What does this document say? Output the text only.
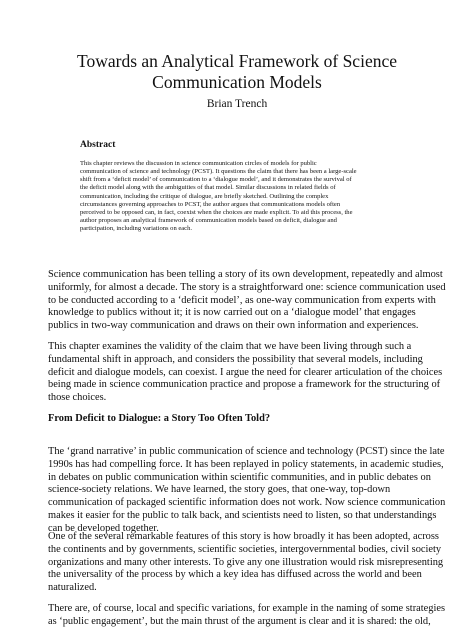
Towards an Analytical Framework of Science
Communication Models
Brian Trench
Abstract
This chapter reviews the discussion in science communication circles of models for public
communication of science and technology (PCST). It questions the claim that there has been a large-scale
shift from a ‘deficit model’ of communication to a ‘dialogue model’, and it demonstrates the survival of
the deficit model along with the ambiguities of that model. Similar discussions in related fields of
communication, including the critique of dialogue, are briefly sketched. Outlining the complex
circumstances governing approaches to PCST, the author argues that communications models often
perceived to be opposed can, in fact, coexist when the choices are made explicit. To aid this process, the
author proposes an analytical framework of communication models based on deficit, dialogue and
participation, including variations on each.
Science communication has been telling a story of its own development, repeatedly and almost
uniformly, for almost a decade. The story is a straightforward one: science communication used
to be conducted according to a ‘deficit model’, as one-way communication from experts with
knowledge to publics without it; it is now carried out on a ‘dialogue model’ that engages
publics in two-way communication and draws on their own information and experiences.
This chapter examines the validity of the claim that we have been living through such a
fundamental shift in approach, and considers the possibility that several models, including
deficit and dialogue models, can coexist. I argue the need for clearer articulation of the choices
being made in science communication practice and propose a framework for the structuring of
those choices.
From Deficit to Dialogue: a Story Too Often Told?
The ‘grand narrative’ in public communication of science and technology (PCST) since the late
1990s has had compelling force. It has been replayed in policy statements, in academic studies,
in debates on public communication within scientific communities, and in public debates on
science-society relations. We have learned, the story goes, that one-way, top-down
communication of packaged scientific information does not work. Now science communication
makes it easier for the public to talk back, and scientists need to listen, so that understandings
can be developed together.
One of the several remarkable features of this story is how broadly it has been adopted, across
the continents and by governments, scientific societies, intergovernmental bodies, civil society
organizations and many other interests. To give any one illustration would risk misrepresenting
the universality of the process by which a key idea has diffused across the world and been
naturalized.
There are, of course, local and specific variations, for example in the naming of some strategies
as ‘public engagement’, but the main thrust of the argument is clear and it is shared: the old,
